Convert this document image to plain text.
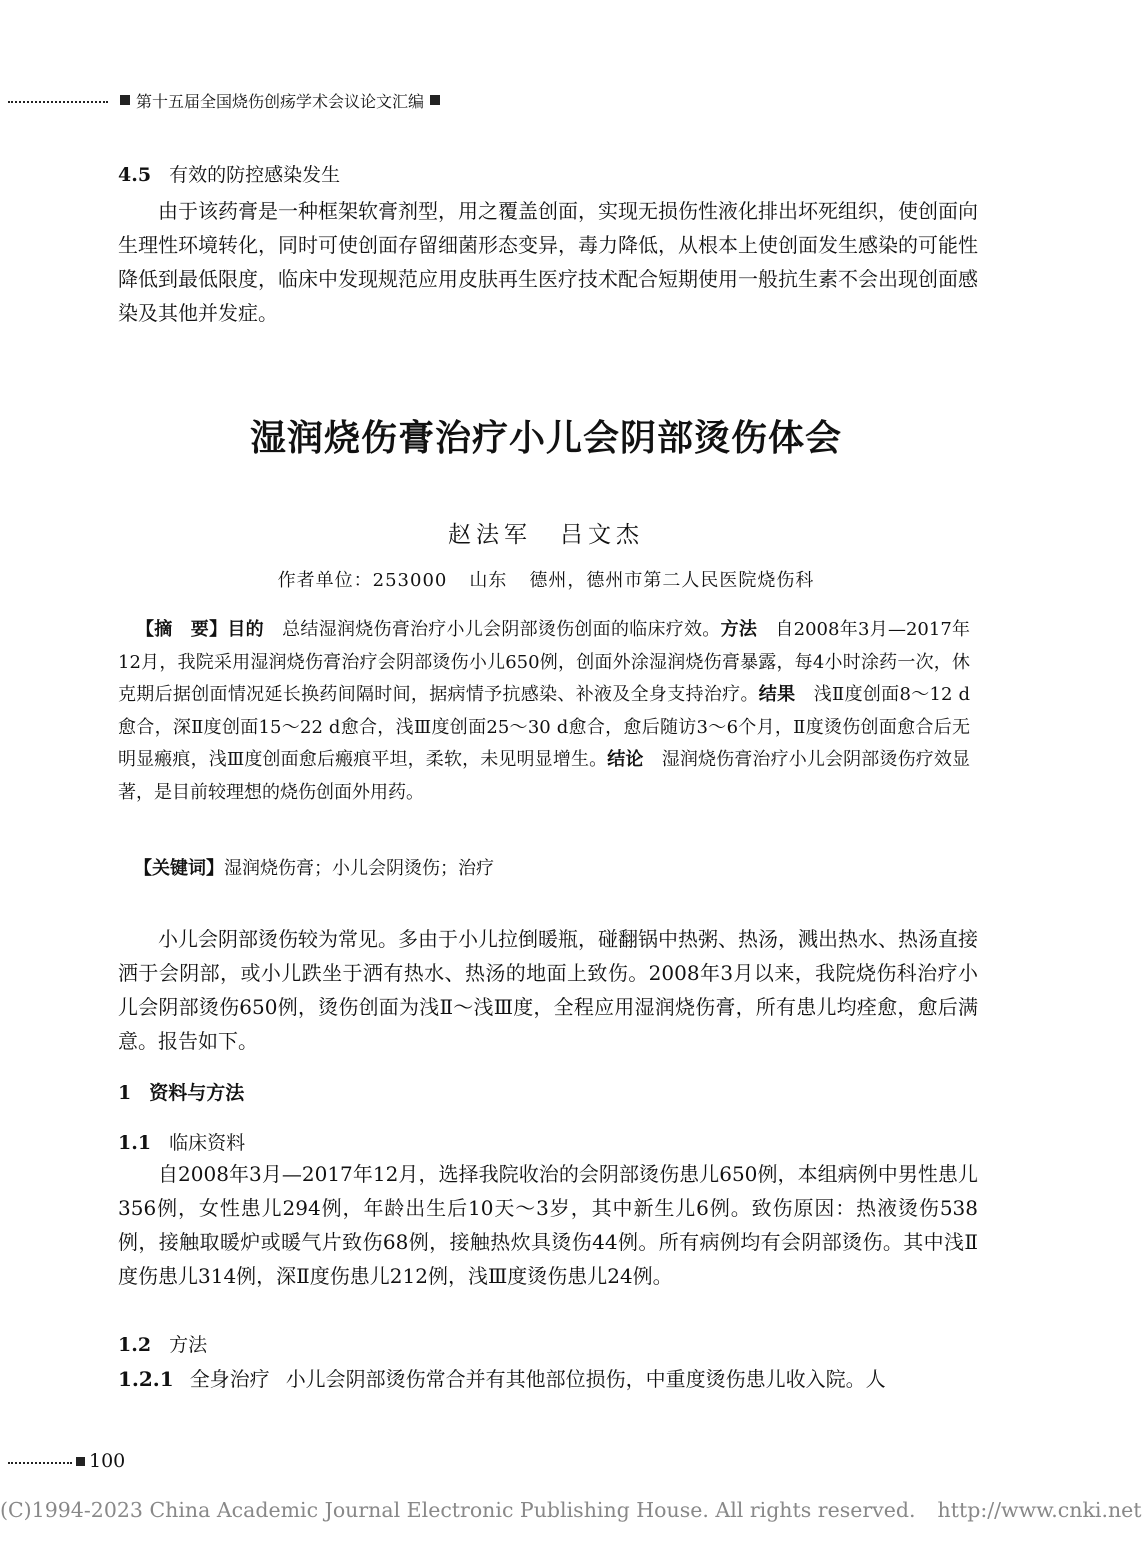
第十五届全国烧伤创疡学术会议论文汇编
4.5 有效的防控感染发生
由于该药膏是一种框架软膏剂型，用之覆盖创面，实现无损伤性液化排出坏死组织，使创面向生理性环境转化，同时可使创面存留细菌形态变异，毒力降低，从根本上使创面发生感染的可能性降低到最低限度，临床中发现规范应用皮肤再生医疗技术配合短期使用一般抗生素不会出现创面感染及其他并发症。
湿润烧伤膏治疗小儿会阴部烫伤体会
赵法军 吕文杰
作者单位：253000 山东 德州，德州市第二人民医院烧伤科
【摘　要】目的  总结湿润烧伤膏治疗小儿会阴部烫伤创面的临床疗效。方法  自2008年3月—2017年12月，我院采用湿润烧伤膏治疗会阴部烫伤小儿650例，创面外涂湿润烧伤膏暴露，每4小时涂药一次，休克期后据创面情况延长换药间隔时间，据病情予抗感染、补液及全身支持治疗。结果  浅Ⅱ度创面8～12 d愈合，深Ⅱ度创面15～22 d愈合，浅Ⅲ度创面25～30 d愈合，愈后随访3～6个月，Ⅱ度烫伤创面愈合后无明显瘢痕，浅Ⅲ度创面愈后瘢痕平坦，柔软，未见明显增生。结论  湿润烧伤膏治疗小儿会阴部烫伤疗效显著，是目前较理想的烧伤创面外用药。
【关键词】湿润烧伤膏；小儿会阴烫伤；治疗
小儿会阴部烫伤较为常见。多由于小儿拉倒暖瓶，碰翻锅中热粥、热汤，溅出热水、热汤直接洒于会阴部，或小儿跌坐于洒有热水、热汤的地面上致伤。2008年3月以来，我院烧伤科治疗小儿会阴部烫伤650例，烫伤创面为浅Ⅱ～浅Ⅲ度，全程应用湿润烧伤膏，所有患儿均痊愈，愈后满意。报告如下。
1 资料与方法
1.1 临床资料
自2008年3月—2017年12月，选择我院收治的会阴部烫伤患儿650例，本组病例中男性患儿356例，女性患儿294例，年龄出生后10天～3岁，其中新生儿6例。致伤原因：热液烫伤538例，接触取暖炉或暖气片致伤68例，接触热炊具烫伤44例。所有病例均有会阴部烫伤。其中浅Ⅱ度伤患儿314例，深Ⅱ度伤患儿212例，浅Ⅲ度烫伤患儿24例。
1.2 方法
1.2.1 全身治疗 小儿会阴部烫伤常合并有其他部位损伤，中重度烫伤患儿收入院。人
100
(C)1994-2023 China Academic Journal Electronic Publishing House. All rights reserved. http://www.cnki.net
